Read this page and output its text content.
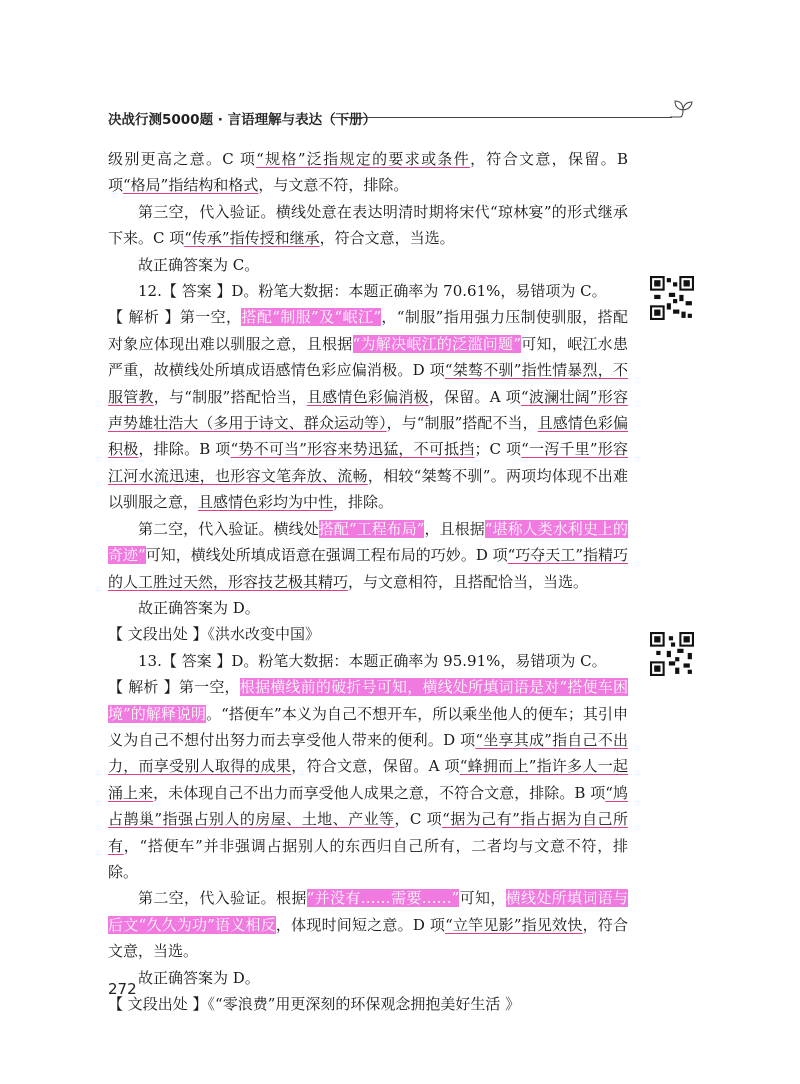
决战行测5000题 · 言语理解与表达（下册）

级别更高之意。C 项“规格”泛指规定的要求或条件，符合文意，保留。B 项“格局”指结构和格式，与文意不符，排除。

第三空，代入验证。横线处意在表达明清时期将宋代“琼林宴”的形式继承下来。C 项“传承”指传授和继承，符合文意，当选。

故正确答案为 C。

12.【 答案 】D。粉笔大数据：本题正确率为 70.61%，易错项为 C。

【 解析 】第一空，搭配“制服”及“岷江”，“制服”指用强力压制使驯服，搭配对象应体现出难以驯服之意，且根据“为解决岷江的泛滥问题”可知，岷江水患严重，故横线处所填成语感情色彩应偏消极。D 项“桀骜不驯”指性情暴烈，不服管教，与“制服”搭配恰当，且感情色彩偏消极，保留。A 项“波澜壮阔”形容声势雄壮浩大（多用于诗文、群众运动等），与“制服”搭配不当，且感情色彩偏积极，排除。B 项“势不可当”形容来势迅猛，不可抵挡；C 项“一泻千里”形容江河水流迅速，也形容文笔奔放、流畅，相较“桀骜不驯”。两项均体现不出难以驯服之意，且感情色彩均为中性，排除。

第二空，代入验证。横线处搭配“工程布局”，且根据“堪称人类水利史上的奇迹”可知，横线处所填成语意在强调工程布局的巧妙。D 项“巧夺天工”指精巧的人工胜过天然，形容技艺极其精巧，与文意相符，且搭配恰当，当选。

故正确答案为 D。

【 文段出处 】《洪水改变中国》

13.【 答案 】D。粉笔大数据：本题正确率为 95.91%，易错项为 C。

【 解析 】第一空，根据横线前的破折号可知，横线处所填词语是对“搭便车困境”的解释说明。“搭便车”本义为自己不想开车，所以乘坐他人的便车；其引申义为自己不想付出努力而去享受他人带来的便利。D 项“坐享其成”指自己不出力，而享受别人取得的成果，符合文意，保留。A 项“蜂拥而上”指许多人一起涌上来，未体现自己不出力而享受他人成果之意，不符合文意，排除。B 项“鸠占鹊巢”指强占别人的房屋、土地、产业等，C 项“据为己有”指占据为自己所有，“搭便车”并非强调占据别人的东西归自己所有，二者均与文意不符，排除。

第二空，代入验证。根据“并没有……需要……”可知，横线处所填词语与后文“久久为功”语义相反，体现时间短之意。D 项“立竿见影”指见效快，符合文意，当选。

故正确答案为 D。

【 文段出处 】《“零浪费”用更深刻的环保观念拥抱美好生活 》

272
